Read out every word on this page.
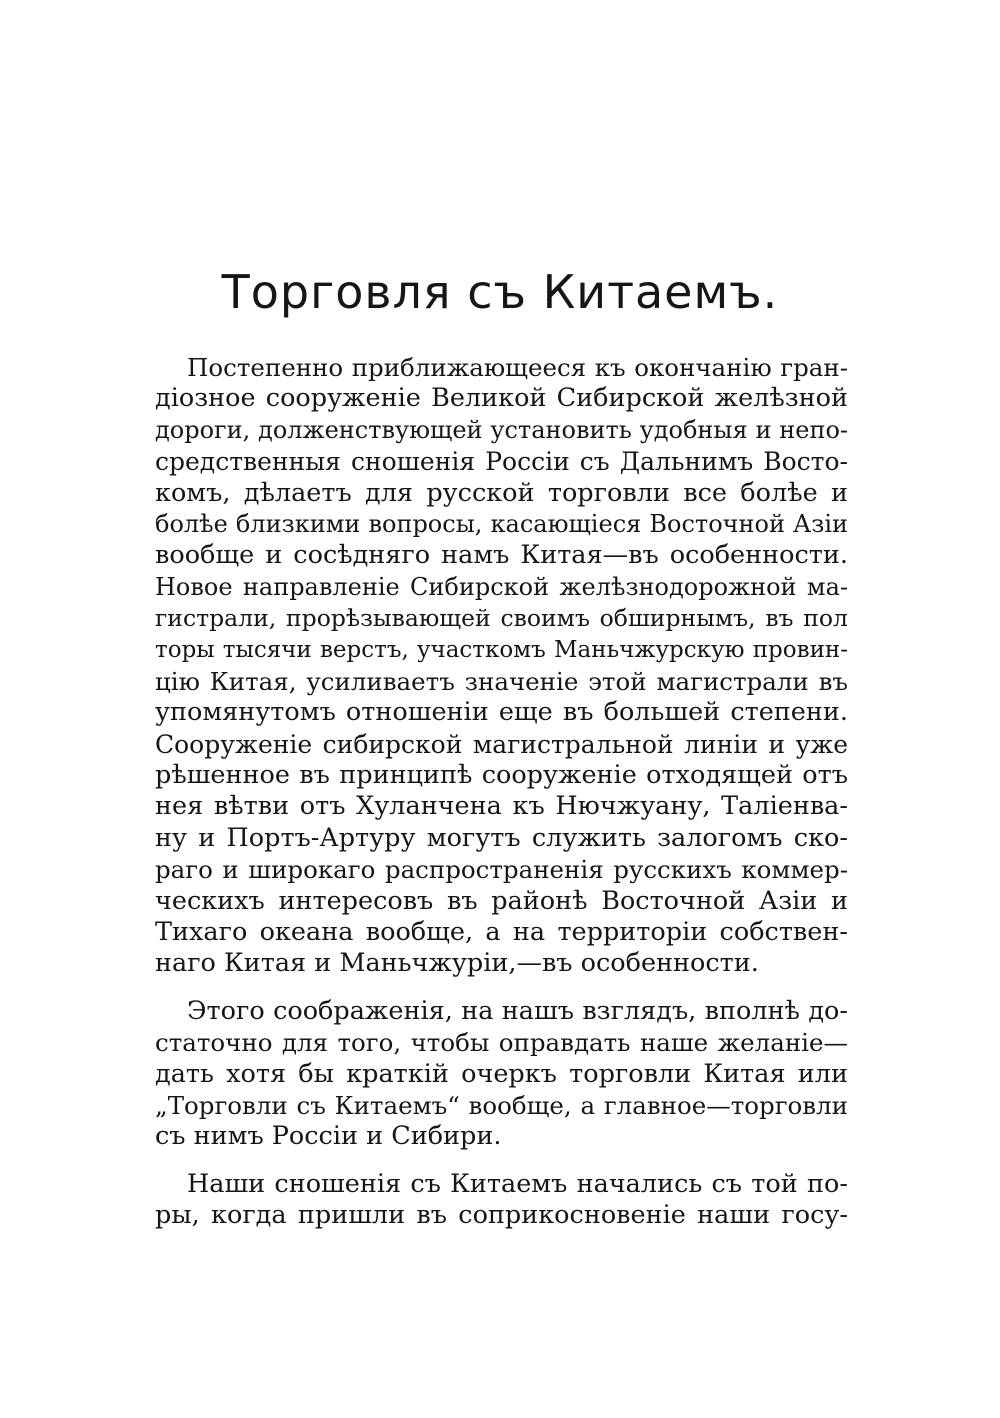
Торговля съ Китаемъ.
Постепенно приближающееся къ окончанію гран-
діозное сооруженіе Великой Сибирской желѣзной
дороги, долженствующей установить удобныя и непо-
средственныя сношенія Россіи съ Дальнимъ Восто-
комъ, дѣлаетъ для русской торговли все болѣе и
болѣе близкими вопросы, касающіеся Восточной Азіи
вообще и сосѣдняго намъ Китая—въ особенности.
Новое направленіе Сибирской желѣзнодорожной ма-
гистрали, прорѣзывающей своимъ обширнымъ, въ пол
торы тысячи верстъ, участкомъ Маньчжурскую провин-
цію Китая, усиливаетъ значеніе этой магистрали въ
упомянутомъ отношеніи еще въ большей степени.
Сооруженіе сибирской магистральной линіи и уже
рѣшенное въ принципѣ сооруженіе отходящей отъ
нея вѣтви отъ Хуланчена къ Нючжуану, Таліенва-
ну и Портъ-Артуру могутъ служить залогомъ ско-
раго и широкаго распространенія русскихъ коммер-
ческихъ интересовъ въ районѣ Восточной Азіи и
Тихаго океана вообще, а на территоріи собствен-
наго Китая и Маньчжуріи,—въ особенности.
Этого соображенія, на нашъ взглядъ, вполнѣ до-
статочно для того, чтобы оправдать наше желаніе—
дать хотя бы краткій очеркъ торговли Китая или
„Торговли съ Китаемъ“ вообще, а главное—торговли
съ нимъ Россіи и Сибири.
Наши сношенія съ Китаемъ начались съ той по-
ры, когда пришли въ соприкосновеніе наши госу-
